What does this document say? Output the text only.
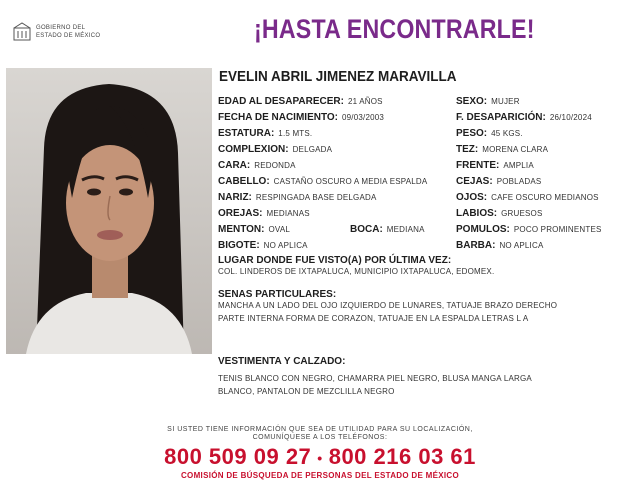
GOBIERNO DEL
ESTADO DE MÉXICO	¡HASTA ENCONTRARLE!
EVELIN ABRIL JIMENEZ MARAVILLA
EDAD AL DESAPARECER: 21 AÑOS
FECHA DE NACIMIENTO: 09/03/2003
ESTATURA: 1.5 MTS.
COMPLEXION: DELGADA
CARA: REDONDA
CABELLO: CASTAÑO OSCURO A MEDIA ESPALDA
NARIZ: RESPINGADA BASE DELGADA
OREJAS: MEDIANAS
MENTON: OVAL	BOCA: MEDIANA
BIGOTE: NO APLICA
SEXO: MUJER
F. DESAPARICIÓN: 26/10/2024
PESO: 45 KGS.
TEZ: MORENA CLARA
FRENTE: AMPLIA
CEJAS: POBLADAS
OJOS: CAFE OSCURO MEDIANOS
LABIOS: GRUESOS
POMULOS: POCO PROMINENTES
BARBA: NO APLICA
LUGAR DONDE FUE VISTO(A) POR ÚLTIMA VEZ:
COL. LINDEROS DE IXTAPALUCA, MUNICIPIO IXTAPALUCA, EDOMEX.
SENAS PARTICULARES:
MANCHA A UN LADO DEL OJO IZQUIERDO DE LUNARES, TATUAJE BRAZO DERECHO
PARTE INTERNA FORMA DE CORAZON, TATUAJE EN LA ESPALDA LETRAS L A
VESTIMENTA Y CALZADO:
TENIS BLANCO CON NEGRO, CHAMARRA PIEL NEGRO, BLUSA MANGA LARGA
BLANCO, PANTALON DE MEZCLILLA NEGRO
SI USTED TIENE INFORMACIÓN QUE SEA DE UTILIDAD PARA SU LOCALIZACIÓN,
COMUNÍQUESE A LOS TELÉFONOS:
800 509 09 27 • 800 216 03 61
COMISIÓN DE BÚSQUEDA DE PERSONAS DEL ESTADO DE MÉXICO
